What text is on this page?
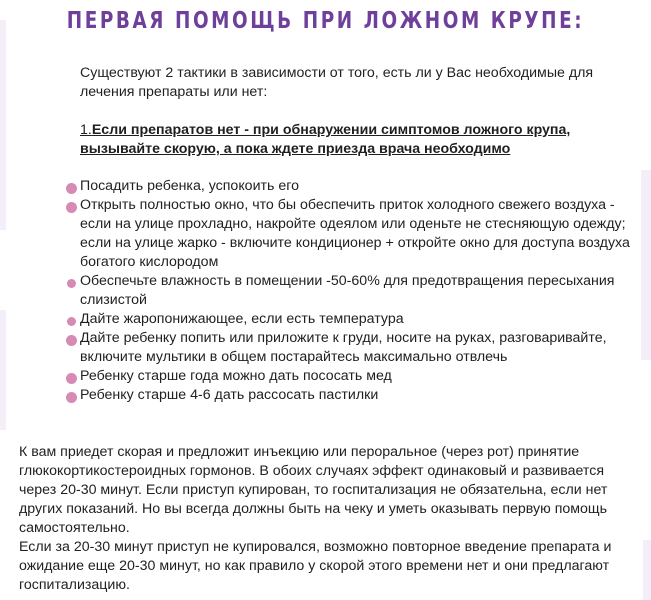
ПЕРВАЯ ПОМОЩЬ ПРИ ЛОЖНОМ КРУПЕ:
Существуют 2 тактики в зависимости от того, есть ли у Вас необходимые для лечения препараты или нет:
1.Если препаратов нет - при обнаружении симптомов ложного крупа, вызывайте скорую, а пока ждете приезда врача необходимо
Посадить ребенка, успокоить его
Открыть полностью окно, что бы обеспечить приток холодного свежего воздуха - если на улице прохладно, накройте одеялом или оденьте не стесняющую одежду; если на улице жарко - включите кондиционер + откройте окно для доступа воздуха богатого кислородом
Обеспечьте влажность в помещении -50-60% для предотвращения пересыхания слизистой
Дайте жаропонижающее, если есть температура
Дайте ребенку попить или приложите к груди, носите на руках, разговаривайте, включите мультики в общем постарайтесь максимально отвлечь
Ребенку старше года можно дать пососать мед
Ребенку старше 4-6 дать рассосать пастилки

К вам приедет скорая и предложит инъекцию или пероральное (через рот) принятие глюкокортикостероидных гормонов. В обоих случаях эффект одинаковый и развивается через 20-30 минут. Если приступ купирован, то госпитализация не обязательна, если нет других показаний. Но вы всегда должны быть на чеку и уметь оказывать первую помощь самостоятельно.

Если за 20-30 минут приступ не купировался, возможно повторное введение препарата и ожидание еще 20-30 минут, но как правило у скорой этого времени нет и они предлагают госпитализацию.
